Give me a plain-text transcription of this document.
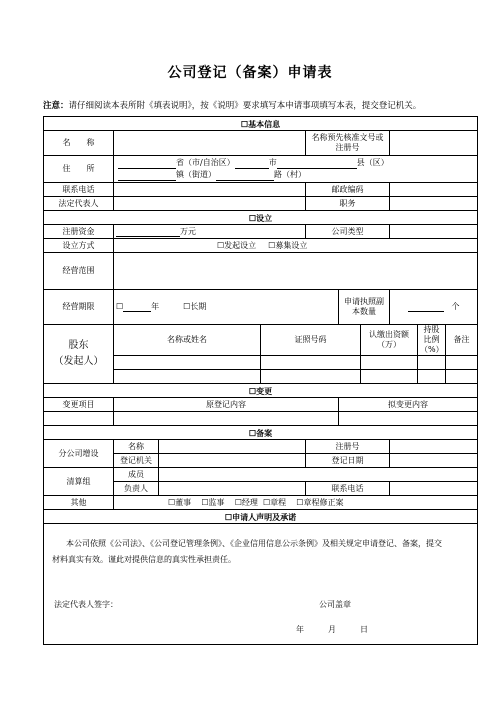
公司登记（备案）申请表
注意：请仔细阅读本表所附《填表说明》，按《说明》要求填写本申请事项填写本表，提交登记机关。
☐基本信息									
名　　称				名称预先核准文号或注册号					
住　　所	省（市/自治区） 市 县（区）
镇（街道） 路（村）								
联系电话				邮政编码					
法定代表人				职务					
☐设立									
注册资金	万元			公司类型					
设立方式	☐发起设立 ☐募集设立								
经营范围									
经营期限	☐ 年 ☐长期				申请执照副本数量	　	个		
股东
（发起人）	名称或姓名		证照号码			认缴出资额（万）		持股比例（%）	备注

☐变更									
变更项目	原登记内容				拟变更内容				

☐备案									
分公司增设	名称			注册号					
	登记机关			登记日期					
清算组	成员								
	负责人			联系电话					
其他	☐董事 ☐监事 ☐经理 ☐章程 ☐章程修正案								
☐申请人声明及承诺									

本公司依照《公司法》、《公司登记管理条例》、《企业信用信息公示条例》及相关规定申请登记、备案，提交材料真实有效。谨此对提供信息的真实性承担责任。
法定代表人签字： 公司盖章
年 月 日									
